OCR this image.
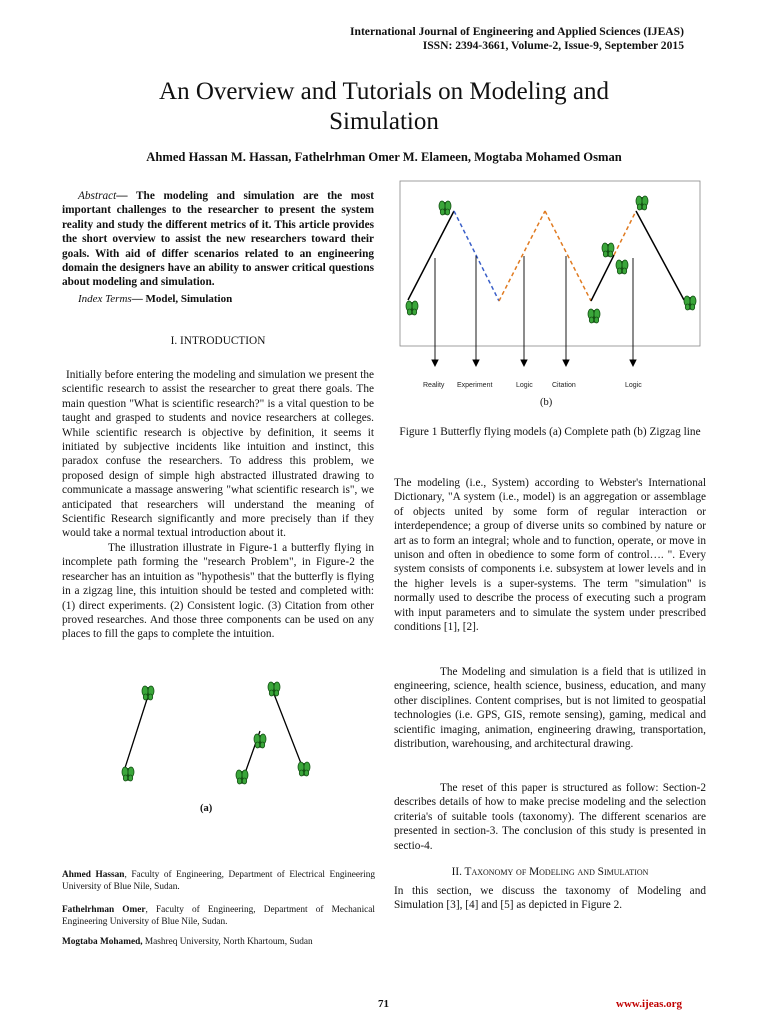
International Journal of Engineering and Applied Sciences (IJEAS)
ISSN: 2394-3661, Volume-2, Issue-9, September 2015
An Overview and Tutorials on Modeling and
Simulation
Ahmed Hassan M. Hassan, Fathelrhman Omer M. Elameen, Mogtaba Mohamed Osman
Abstract— The modeling and simulation are the most important challenges to the researcher to present the system reality and study the different metrics of it. This article provides the short overview to assist the new researchers toward their goals. With aid of differ scenarios related to an engineering domain the designers have an ability to answer critical questions about modeling and simulation.
Index Terms— Model, Simulation
I. INTRODUCTION

Initially before entering the modeling and simulation we present the scientific research to assist the researcher to great there goals. The main question "What is scientific research?" is a vital question to be taught and grasped to students and novice researchers at colleges. While scientific research is objective by definition, it seems it initiated by subjective incidents like intuition and instinct, this paradox confuse the researchers. To address this problem, we proposed design of simple high abstracted illustrated drawing to communicate a massage answering "what scientific research is", we anticipated that researchers will understand the meaning of Scientific Research significantly and more precisely than if they would take a normal textual introduction about it.

The illustration illustrate in Figure-1 a butterfly flying in incomplete path forming the "research Problem", in Figure-2 the researcher has an intuition as "hypothesis" that the butterfly is flying in a zigzag line, this intuition should be tested and completed with: (1) direct experiments. (2) Consistent logic. (3) Citation from other proved researches. And those three components can be used on any places to fill the gaps to complete the intuition.

(a)
Ahmed Hassan, Faculty of Engineering, Department of Electrical Engineering University of Blue Nile, Sudan.
Fathelrhman Omer, Faculty of Engineering, Department of Mechanical Engineering University of Blue Nile, Sudan.
Mogtaba Mohamed, Mashreq University, North Khartoum, Sudan
Reality Experiment	Logic	Citation	Logic
(b)
Figure 1 Butterfly flying models (a) Complete path (b) Zigzag line

The modeling (i.e., System) according to Webster's International Dictionary, "A system (i.e., model) is an aggregation or assemblage of objects united by some form of regular interaction or interdependence; a group of diverse units so combined by nature or art as to form an integral; whole and to function, operate, or move in unison and often in obedience to some form of control…. ". Every system consists of components i.e. subsystem at lower levels and in the higher levels is a super-systems. The term "simulation" is normally used to describe the process of executing such a program with input parameters and to simulate the system under prescribed conditions [1], [2].

The Modeling and simulation is a field that is utilized in engineering, science, health science, business, education, and many other disciplines. Content comprises, but is not limited to geospatial technologies (i.e. GPS, GIS, remote sensing), gaming, medical and scientific imaging, animation, engineering drawing, transportation, distribution, warehousing, and architectural drawing.

The reset of this paper is structured as follow: Section-2 describes details of how to make precise modeling and the selection criteria's of suitable tools (taxonomy). The different scenarios are presented in section-3. The conclusion of this study is presented in sectio-4.

II. Taxonomy of Modeling and Simulation

In this section, we discuss the taxonomy of Modeling and Simulation [3], [4] and [5] as depicted in Figure 2.

71	www.ijeas.org
